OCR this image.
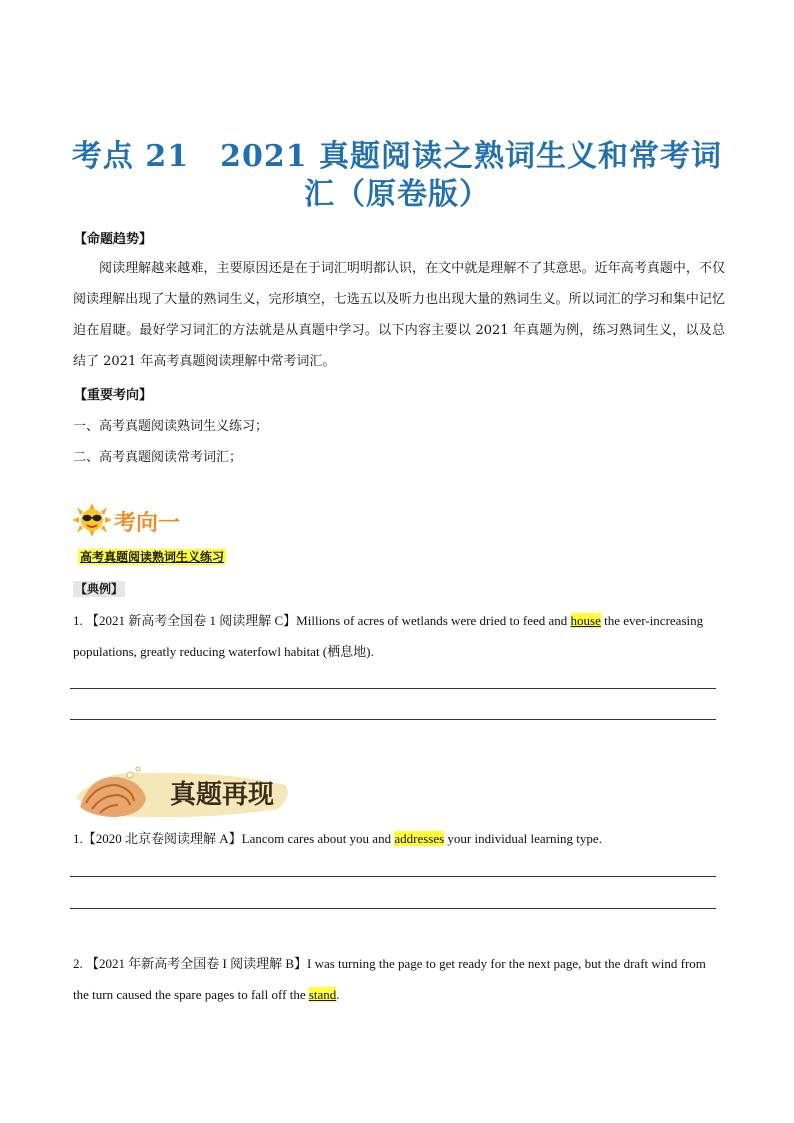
考点 21　2021 真题阅读之熟词生义和常考词
汇（原卷版）
【命题趋势】
阅读理解越来越难，主要原因还是在于词汇明明都认识，在文中就是理解不了其意思。近年高考真题中，不仅阅读理解出现了大量的熟词生义，完形填空，七选五以及听力也出现大量的熟词生义。所以词汇的学习和集中记忆迫在眉睫。最好学习词汇的方法就是从真题中学习。以下内容主要以 2021 年真题为例，练习熟词生义，以及总结了 2021 年高考真题阅读理解中常考词汇。
【重要考向】
一、高考真题阅读熟词生义练习；
二、高考真题阅读常考词汇；
考向一
高考真题阅读熟词生义练习
【典例】
1. 【2021 新高考全国卷 1 阅读理解 C】Millions of acres of wetlands were dried to feed and house the ever-increasing populations, greatly reducing waterfowl habitat (栖息地).
真题再现
1.【2020 北京卷阅读理解 A】Lancom cares about you and addresses your individual learning type.
2. 【2021 年新高考全国卷 I 阅读理解 B】I was turning the page to get ready for the next page, but the draft wind from the turn caused the spare pages to fall off the stand.
